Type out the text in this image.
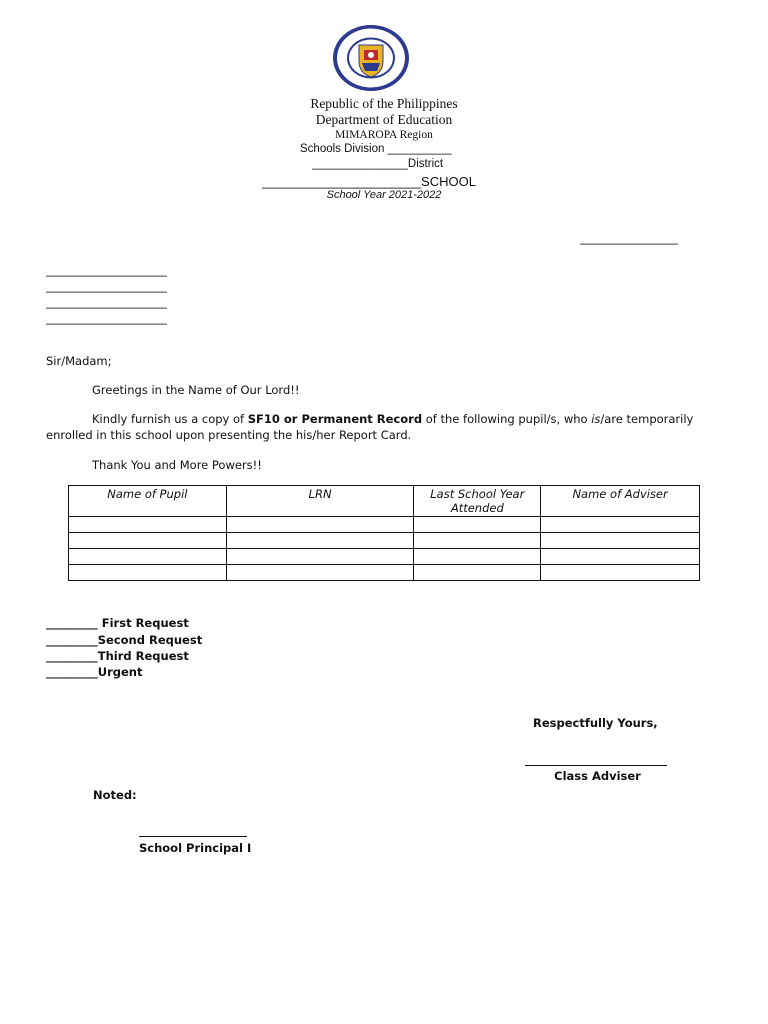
Republic of the Philippines
Department of Education
MIMAROPA Region
Schools Division __________
_______________District
______________________SCHOOL
School Year 2021-2022
_________________
_____________________
_____________________
_____________________
_____________________
Sir/Madam;
Greetings in the Name of Our Lord!!
Kindly furnish us a copy of SF10 or Permanent Record of the following pupil/s, who is/are temporarily
enrolled in this school upon presenting the his/her Report Card.
Thank You and More Powers!!
Name of Pupil	LRN	Last School Year Attended	Name of Adviser

_________ First Request
_________Second Request
_________Third Request
_________Urgent
Respectfully Yours,
Class Adviser
Noted:
School Principal I
